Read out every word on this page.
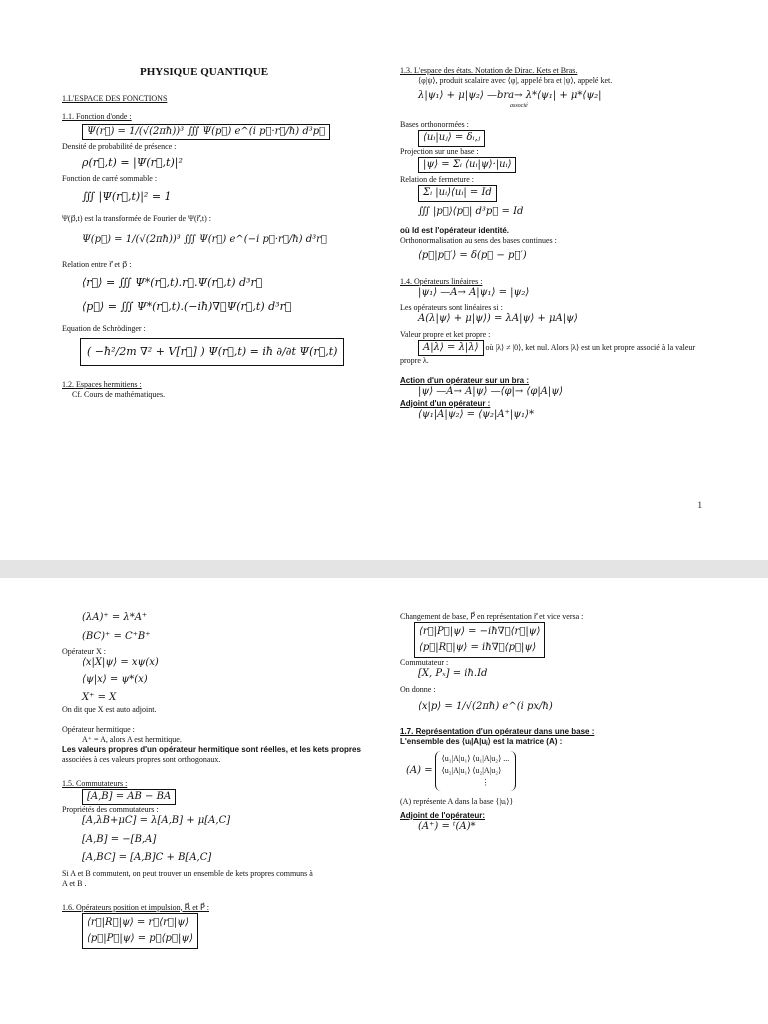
PHYSIQUE QUANTIQUE

1.L'ESPACE DES FONCTIONS

1.1. Fonction d'onde :

Ψ(r⃗) = 1/(√(2πħ))³ ∭ Ψ(p⃗) e^(i p⃗·r⃗/ħ) d³p⃗

Densité de probabilité de présence :

ρ(r⃗,t) = |Ψ(r⃗,t)|²

Fonction de carré sommable :

∭ |Ψ(r⃗,t)|² = 1

Ψ(p⃗,t) est la transformée de Fourier de Ψ(r⃗,t) :

Ψ(p⃗) = 1/(√(2πħ))³ ∭ Ψ(r⃗) e^(−i p⃗·r⃗/ħ) d³r⃗

Relation entre r⃗ et p⃗ :

⟨r⃗⟩ = ∭ Ψ*(r⃗,t).r⃗.Ψ(r⃗,t) d³r⃗

⟨p⃗⟩ = ∭ Ψ*(r⃗,t).(−iħ)∇⃗Ψ(r⃗,t) d³r⃗

Equation de Schrödinger :

( −ħ²/2m ∇² + V[r⃗] ) Ψ(r⃗,t) = iħ ∂/∂t Ψ(r⃗,t)

1.2. Espaces hermitiens :

Cf. Cours de mathématiques.

1.3. L'espace des états. Notation de Dirac. Kets et Bras.

⟨φ|ψ⟩, produit scalaire avec ⟨φ|, appelé bra et |ψ⟩, appelé ket.

λ|ψ₁⟩ + μ|ψ₂⟩ —bra→ λ*⟨ψ₁| + μ*⟨ψ₂|

associé

Bases orthonormées :

⟨uᵢ|uⱼ⟩ = δᵢ,ⱼ

Projection sur une base :

|ψ⟩ = Σᵢ ⟨uᵢ|ψ⟩·|uᵢ⟩

Relation de fermeture :

Σᵢ |uᵢ⟩⟨uᵢ| = Id

∭ |p⃗⟩⟨p⃗| d³p⃗ = Id

où Id est l'opérateur identité.

Orthonormalisation au sens des bases continues :

⟨p⃗|p⃗′⟩ = δ(p⃗ − p⃗′)

1.4. Opérateurs linéaires :

|ψ₁⟩ —A→ A|ψ₁⟩ = |ψ₂⟩

Les opérateurs sont linéaires si :

A(λ|ψ⟩ + μ|ψ⟩) = λA|ψ⟩ + μA|ψ⟩

Valeur propre et ket propre :

A|λ⟩ = λ|λ⟩

où |λ⟩ ≠ |0⟩, ket nul. Alors |λ⟩ est un ket propre associé à la valeur propre λ.

Action d'un opérateur sur un bra :

|ψ⟩ —A→ A|ψ⟩ —⟨φ|→ ⟨φ|A|ψ⟩

Adjoint d'un opérateur :

⟨ψ₁|A|ψ₂⟩ = ⟨ψ₂|A⁺|ψ₁⟩*

1

(λA)⁺ = λ*A⁺

(BC)⁺ = C⁺B⁺

Opérateur X :

⟨x|X|ψ⟩ = xψ(x)

⟨ψ|x⟩ = ψ*(x)

X⁺ = X

On dit que X est auto adjoint.

Opérateur hermitique :

A⁺ = A, alors A est hermitique.

Les valeurs propres d'un opérateur hermitique sont réelles, et les kets propres

associées à ces valeurs propres sont orthogonaux.

1.5. Commutateurs :

[A,B] = AB − BA

Propriétés des commutateurs :

[A,λB+μC] = λ[A,B] + μ[A,C]

[A,B] = −[B,A]

[A,BC] = [A,B]C + B[A,C]

Si A et B commutent, on peut trouver un ensemble de kets propres communs à

A et B .

1.6. Opérateurs position et impulsion, R⃗ et P⃗ :

⟨r⃗|R⃗|ψ⟩ = r⃗⟨r⃗|ψ⟩
⟨p⃗|P⃗|ψ⟩ = p⃗⟨p⃗|ψ⟩

Changement de base, P⃗ en représentation r⃗ et vice versa :

⟨r⃗|P⃗|ψ⟩ = −iħ∇⃗⟨r⃗|ψ⟩
⟨p⃗|R⃗|ψ⟩ = iħ∇⃗⟨p⃗|ψ⟩

Commutateur :

[X, Pₓ] = iħ.Id

On donne :

⟨x|p⟩ = 1/√(2πħ) e^(i px/ħ)

1.7. Représentation d'un opérateur dans une base :

L'ensemble des ⟨uᵢ|A|uⱼ⟩ est la matrice (A) :

(A) = ⟨u₁|A|u₁⟩ ⟨u₁|A|u₂⟩ ...
⟨u₂|A|u₁⟩ ⟨u₂|A|u₂⟩
⋮

(A) représente A dans la base {|uᵢ⟩}

Adjoint de l'opérateur:

(A⁺) = ᵗ(A)*
